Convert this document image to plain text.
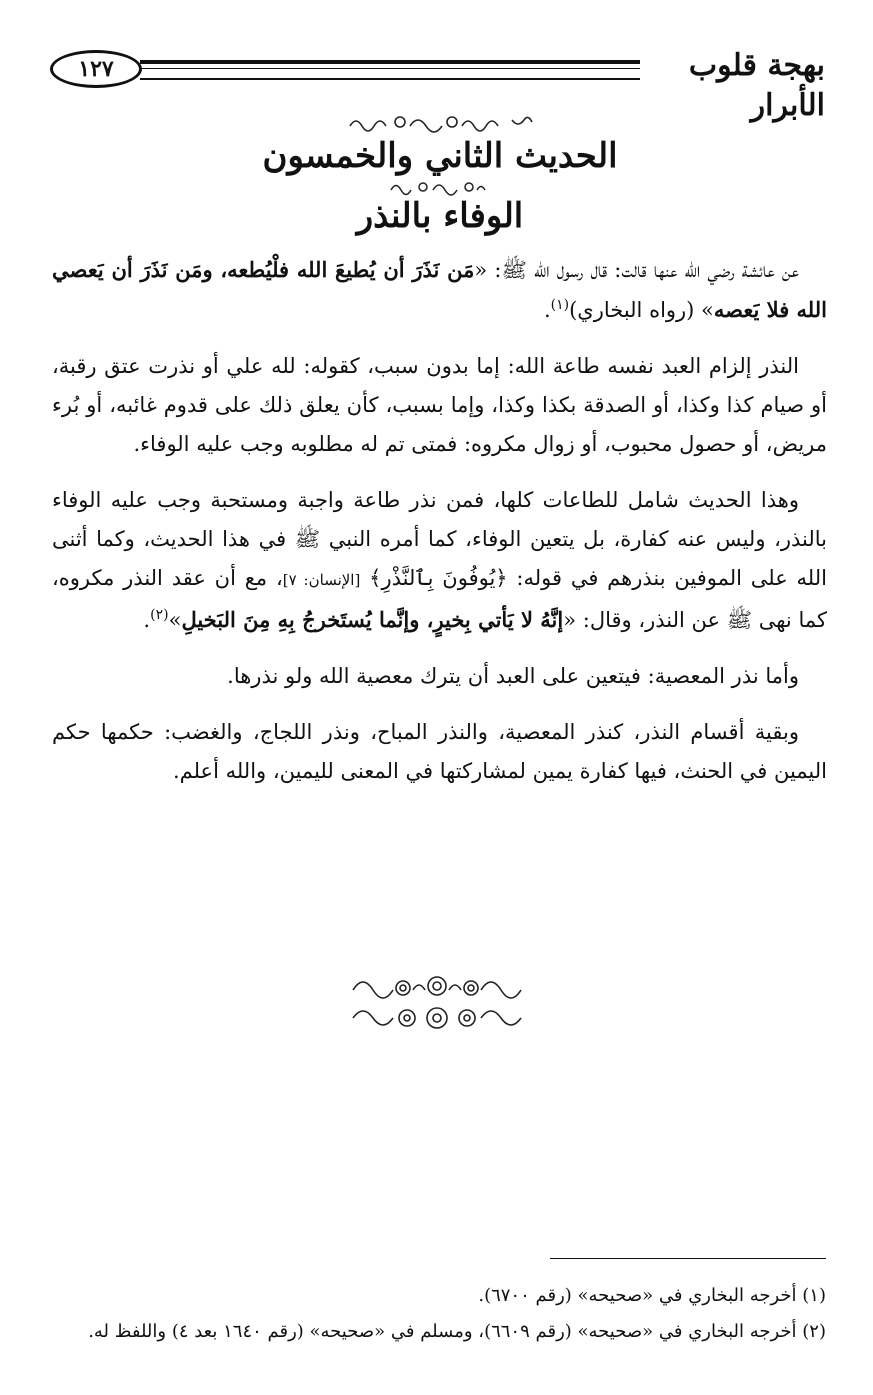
١٢٧	بهجة قلوب الأبرار
الحديث الثاني والخمسون
الوفاء بالنذر

عن عائشة رضي الله عنها قالت: قال رسول الله ﷺ: «مَن نَذَرَ أن يُطيعَ الله فلْيُطعه، ومَن نَذَرَ أن يَعصي الله فلا يَعصه» (رواه البخاري)$^{(١)}$.

النذر إلزام العبد نفسه طاعة الله: إما بدون سبب، كقوله: لله علي أو نذرت عتق رقبة، أو صيام كذا وكذا، أو الصدقة بكذا وكذا، وإما بسبب، كأن يعلق ذلك على قدوم غائبه، أو بُرء مريض، أو حصول محبوب، أو زوال مكروه: فمتى تم له مطلوبه وجب عليه الوفاء.

وهذا الحديث شامل للطاعات كلها، فمن نذر طاعة واجبة ومستحبة وجب عليه الوفاء بالنذر، وليس عنه كفارة، بل يتعين الوفاء، كما أمره النبي ﷺ في هذا الحديث، وكما أثنى الله على الموفين بنذرهم في قوله: ﴿يُوفُونَ بِٱلنَّذْرِ﴾ [الإنسان: ٧]، مع أن عقد النذر مكروه، كما نهى ﷺ عن النذر، وقال: «إنَّهُ لا يَأتي بِخيرٍ، وإنَّما يُستَخرجُ بِهِ مِنَ البَخيلِ»$^{(٢)}$.

وأما نذر المعصية: فيتعين على العبد أن يترك معصية الله ولو نذرها.

وبقية أقسام النذر، كنذر المعصية، والنذر المباح، ونذر اللجاج، والغضب: حكمها حكم اليمين في الحنث، فيها كفارة يمين لمشاركتها في المعنى لليمين، والله أعلم.

(١) أخرجه البخاري في «صحيحه» (رقم ٦٧٠٠).
(٢) أخرجه البخاري في «صحيحه» (رقم ٦٦٠٩)، ومسلم في «صحيحه» (رقم ١٦٤٠ بعد ٤) واللفظ له.
